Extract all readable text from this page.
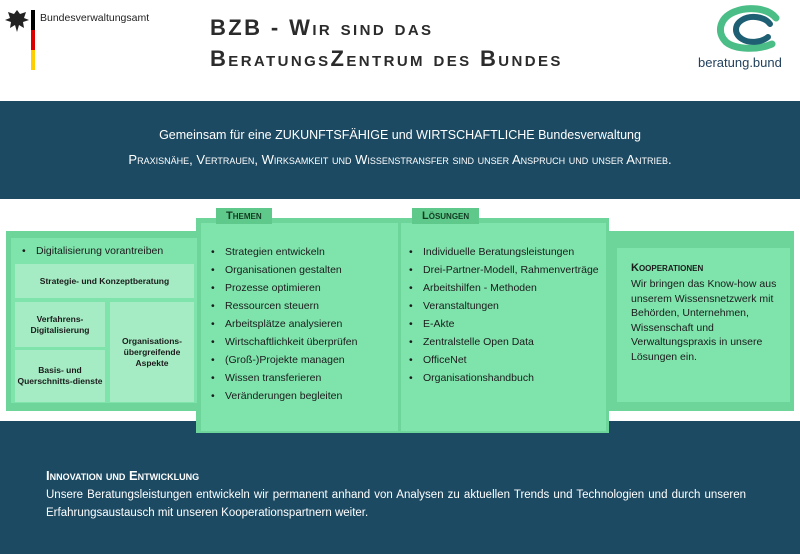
Bundesverwaltungsamt	BZB - Wir sind das
BeratungsZentrum des Bundes	beratung.bund
Gemeinsam für eine ZUKUNFTSFÄHIGE und WIRTSCHAFTLICHE Bundesverwaltung
Praxisnähe, Vertrauen, Wirksamkeit und Wissenstransfer sind unser Anspruch und unser Antrieb.
• Digitalisierung vorantreiben
Strategie- und Konzeptberatung
Verfahrens-Digitalisierung
Basis- und Querschnitts-dienste
Organisations-übergreifende Aspekte
• Strategien entwickeln
• Organisationen gestalten
• Prozesse optimieren
• Ressourcen steuern
• Arbeitsplätze analysieren
• Wirtschaftlichkeit überprüfen
• (Groß-)Projekte managen
• Wissen transferieren
• Veränderungen begleiten
Themen
• Individuelle Beratungsleistungen
• Drei-Partner-Modell, Rahmenverträge
• Arbeitshilfen - Methoden
• Veranstaltungen
• E-Akte
• Zentralstelle Open Data
• OfficeNet
• Organisationshandbuch
Lösungen
Kooperationen
Wir bringen das Know-how aus unserem Wissensnetzwerk mit Behörden, Unternehmen, Wissenschaft und Verwaltungspraxis in unsere Lösungen ein.
Innovation und Entwicklung
Unsere Beratungsleistungen entwickeln wir permanent anhand von Analysen zu aktuellen Trends und Technologien und durch unseren Erfahrungsaustausch mit unseren Kooperationspartnern weiter.
